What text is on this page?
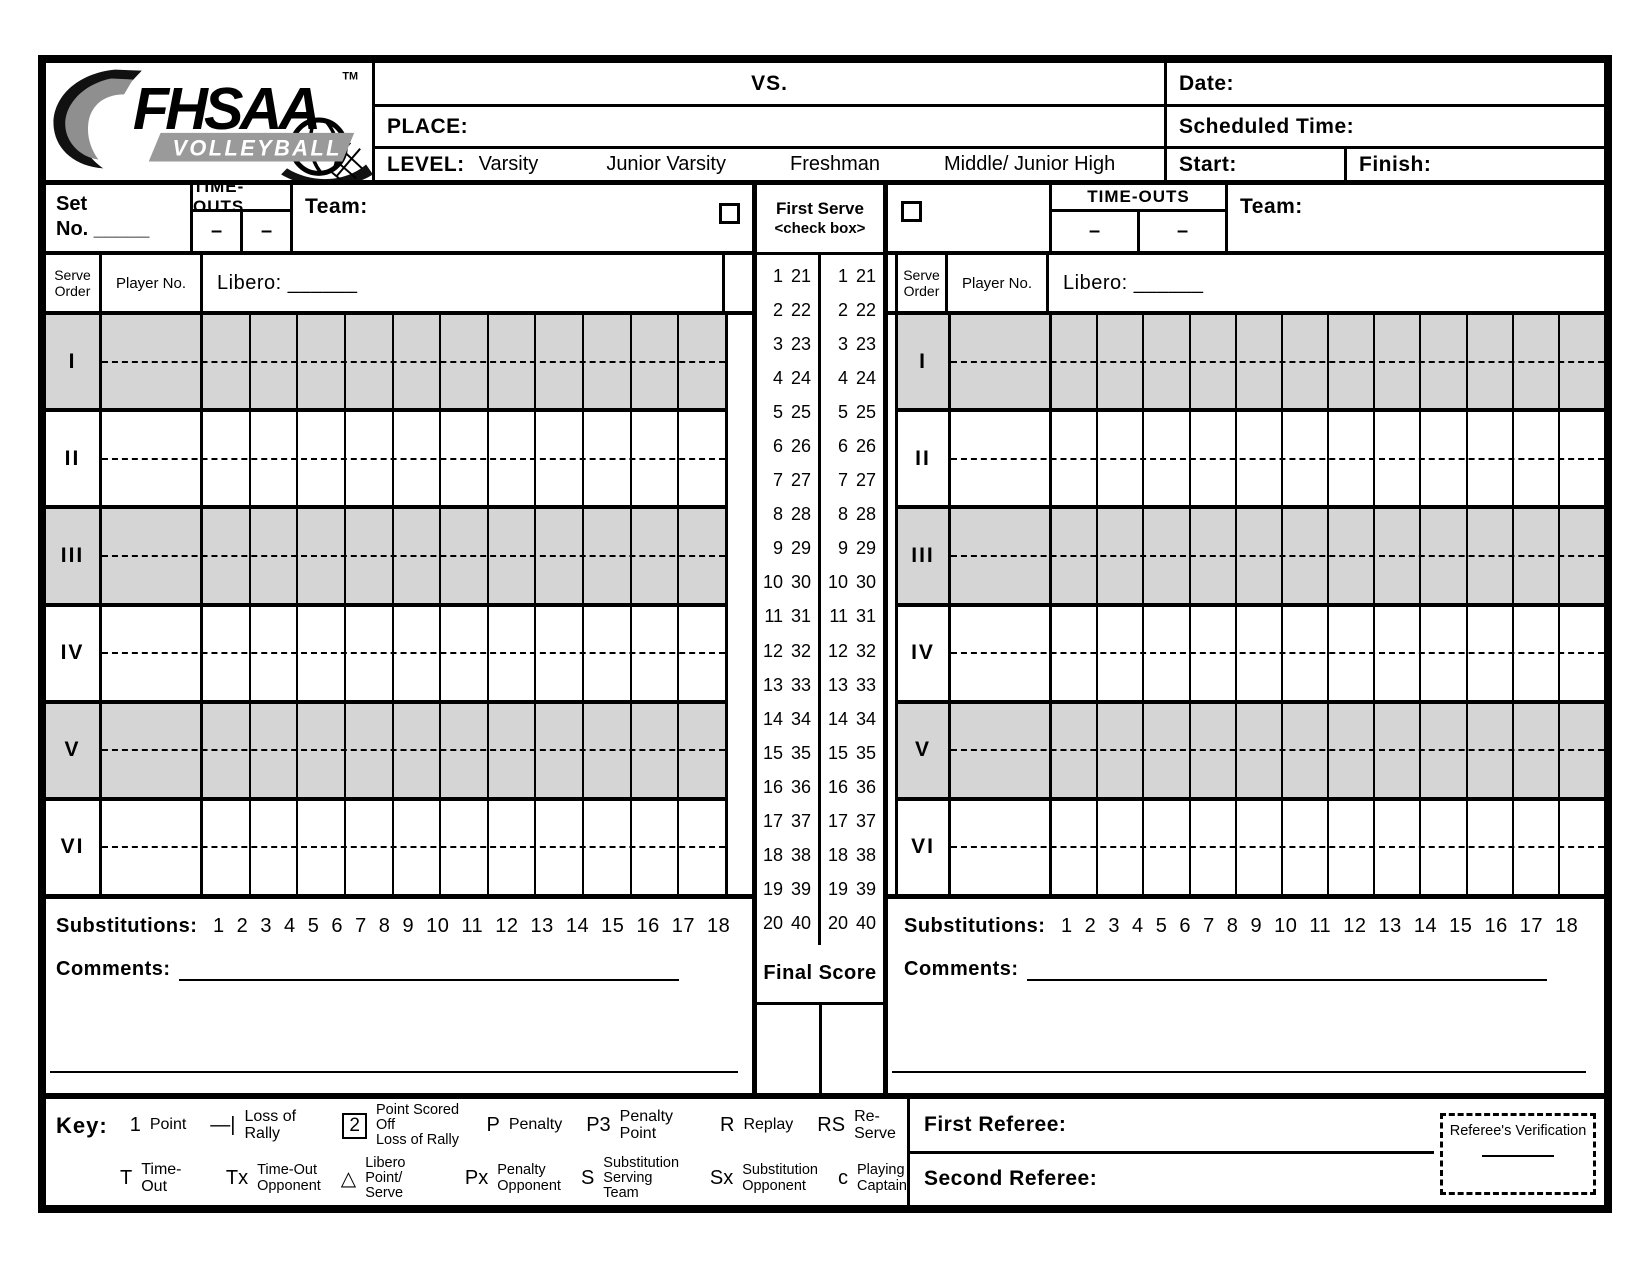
FHSAA TM
VOLLEYBALL
VS.
PLACE:
LEVEL: Varsity	Junior Varsity	Freshman	Middle/ Junior High
Date:
Scheduled Time:
Start:	Finish:
Set
No. _____
TIME-OUTS
–	–
Team:	TIME-OUTS
–	–
Team:
Serve Order	Player No.	Libero: ______	Serve Order	Player No.	Libero: ______
I
II
III
IV
V
VI
I
II
III
IV
V
VI
First Serve
<check box>
1 21
2 22
3 23
4 24
5 25
6 26
7 27
8 28
9 29
10 30
11 31
12 32
13 33
14 34
15 35
16 36
17 37
18 38
19 39
20 40
1 21
2 22
3 23
4 24
5 25
6 26
7 27
8 28
9 29
10 30
11 31
12 32
13 33
14 34
15 35
16 36
17 37
18 38
19 39
20 40
Final Score
Substitutions: 1 2 3 4 5 6 7 8 9 10 11 12 13 14 15 16 17 18
Comments:
Substitutions: 1 2 3 4 5 6 7 8 9 10 11 12 13 14 15 16 17 18
Comments:
Key: 1 Point —| Loss of Rally	2
Point Scored Off
Loss of Rally
P Penalty P3 Penalty Point	R Replay RS Re-Serve
T Time-Out	Tx Time-Out
Opponent △
Libero Point/
Serve
Px Penalty
Opponent S
Substitution
Serving Team
Sx Substitution
Opponent	c Playing
Captain
First Referee:
Second Referee:
Referee's Verification
